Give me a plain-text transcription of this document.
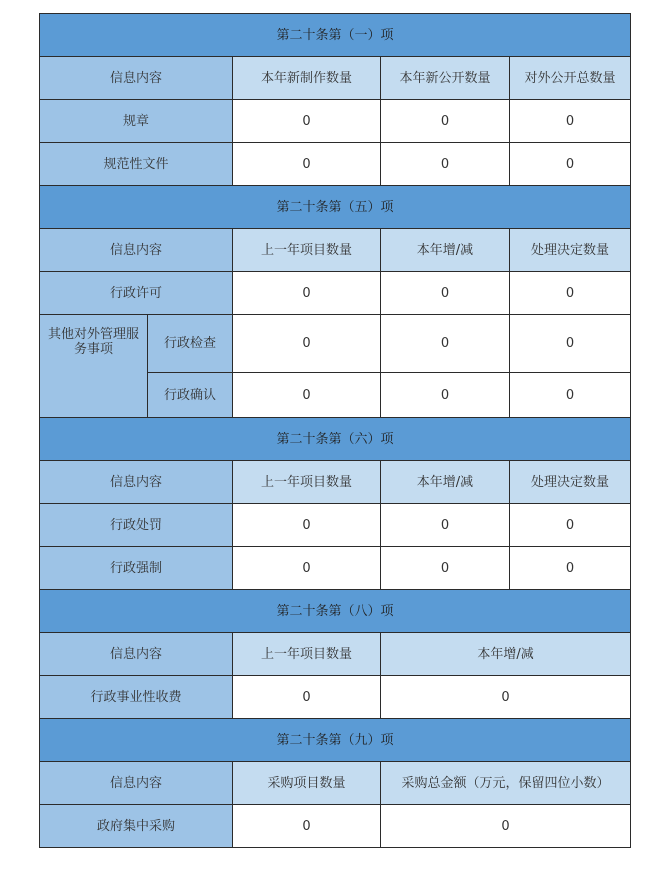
第二十条第（一）项				
信息内容		本年新制作数量	本年新公开数量	对外公开总数量
规章		0	0	0
规范性文件		0	0	0
第二十条第（五）项				
信息内容		上一年项目数量	本年增/减	处理决定数量
行政许可		0	0	0
其他对外管理服务事项	行政检查	0	0	0
	行政确认	0	0	0
第二十条第（六）项				
信息内容		上一年项目数量	本年增/减	处理决定数量
行政处罚		0	0	0
行政强制		0	0	0
第二十条第（八）项				
信息内容		上一年项目数量	本年增/减	
行政事业性收费		0	0	
第二十条第（九）项				
信息内容		采购项目数量	采购总金额（万元，保留四位小数）	
政府集中采购		0	0	
